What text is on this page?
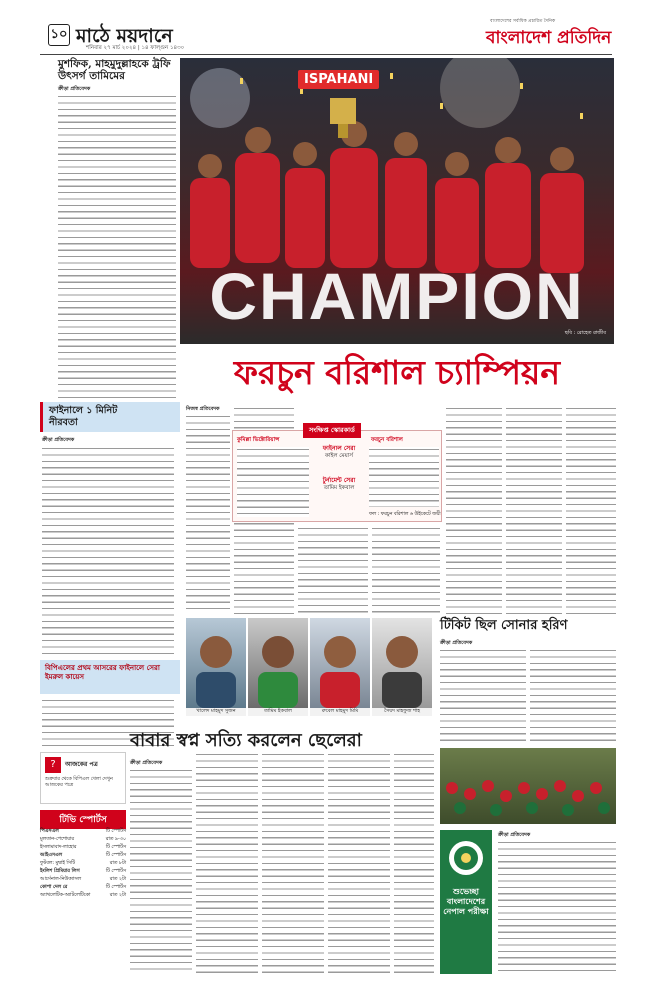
১০ মাঠে ময়দানে
শনিবার ২৭ মার্চ ২০২৪ | ১৪ ফাল্গুন ১৪৩০
বাংলাদেশের সর্বাধিক প্রচারিত দৈনিক
বাংলাদেশ প্রতিদিন
মুশফিক, মাহমুদুল্লাহকে ট্রফি উৎসর্গ তামিমের
ক্রীড়া প্রতিবেদক
ISPAHANI
CHAMPION
ছবি : রোহেত রাজীব
ফরচুন বরিশাল চ্যাম্পিয়ন
ফাইনালে ১ মিনিট নীরবতা
ক্রীড়া প্রতিবেদক
বিপিএলের প্রথম আসরের ফাইনালে সেরা ইমরুল কায়েস
নিজস্ব প্রতিবেদক
সংক্ষিপ্ত স্কোরকার্ড
কুমিল্লা ভিক্টোরিয়ান্স
ফাইনাল সেরা
কাইল মেয়ার্স
টুর্নামেন্ট সেরা
তামিম ইকবাল
ফরচুন বরিশাল
ফল : ফরচুন বরিশাল ৬ উইকেটে জয়ী
টিকিট ছিল সোনার হরিণ
ক্রীড়া প্রতিবেদক
খালেদ মাহমুদ সুজন	তামিম ইকবাল	রুবেল মাহমুদ মিমি	সৈয়দ মাহফুজ শাহ
বাবার স্বপ্ন সত্যি করলেন ছেলেরা
ক্রীড়া প্রতিবেদক
শুভেচ্ছা বাংলাদেশের নেপাল পরীক্ষা
ক্রীড়া প্রতিবেদক
?	আজকের পত্র
শুক্রবার থেকে বিপিএল খেলা দেখুন আজকের পত্রে
টিভি স্পোর্টস
পিএসএল	টি স্পোর্টস
মুলতান-পেশোয়ার	রাত ৯-৩০
ইসলামাবাদ-লাহোর	টি স্পোর্টস
আইএসএল	টি স্পোর্টস
ফুটবল: মুম্বাই সিটি	রাত ৮টা
ইংলিশ প্রিমিয়ার লিগ	টি স্পোর্টস
আর্সেনাল-নিউক্যাসল	রাত ২টা
কোপা দেল রে	টি স্পোর্টস
অ্যাথলেটিক-অ্যাটলেটিকো	রাত ২টা
